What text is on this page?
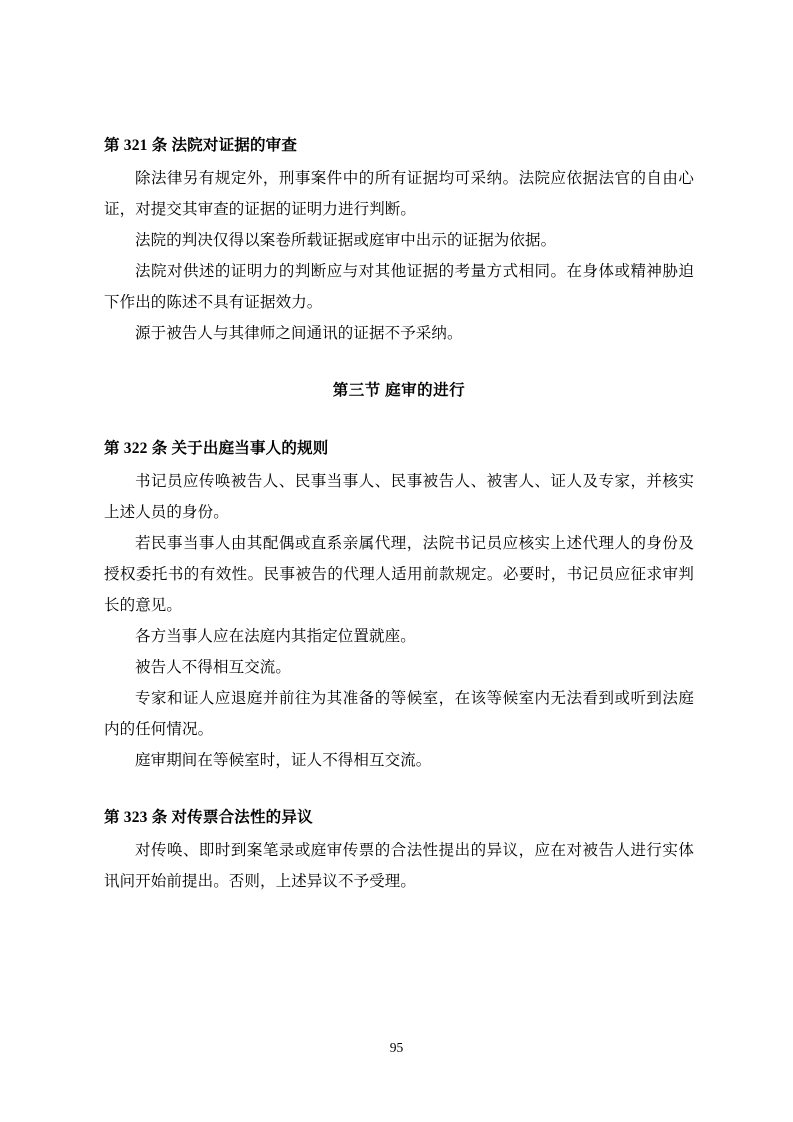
第 321 条 法院对证据的审查

除法律另有规定外，刑事案件中的所有证据均可采纳。法院应依据法官的自由心证，对提交其审查的证据的证明力进行判断。

法院的判决仅得以案卷所载证据或庭审中出示的证据为依据。

法院对供述的证明力的判断应与对其他证据的考量方式相同。在身体或精神胁迫下作出的陈述不具有证据效力。

源于被告人与其律师之间通讯的证据不予采纳。

第三节 庭审的进行
第 322 条 关于出庭当事人的规则

书记员应传唤被告人、民事当事人、民事被告人、被害人、证人及专家，并核实上述人员的身份。

若民事当事人由其配偶或直系亲属代理，法院书记员应核实上述代理人的身份及授权委托书的有效性。民事被告的代理人适用前款规定。必要时，书记员应征求审判长的意见。

各方当事人应在法庭内其指定位置就座。

被告人不得相互交流。

专家和证人应退庭并前往为其准备的等候室，在该等候室内无法看到或听到法庭内的任何情况。

庭审期间在等候室时，证人不得相互交流。

第 323 条 对传票合法性的异议

对传唤、即时到案笔录或庭审传票的合法性提出的异议，应在对被告人进行实体讯问开始前提出。否则，上述异议不予受理。

95
